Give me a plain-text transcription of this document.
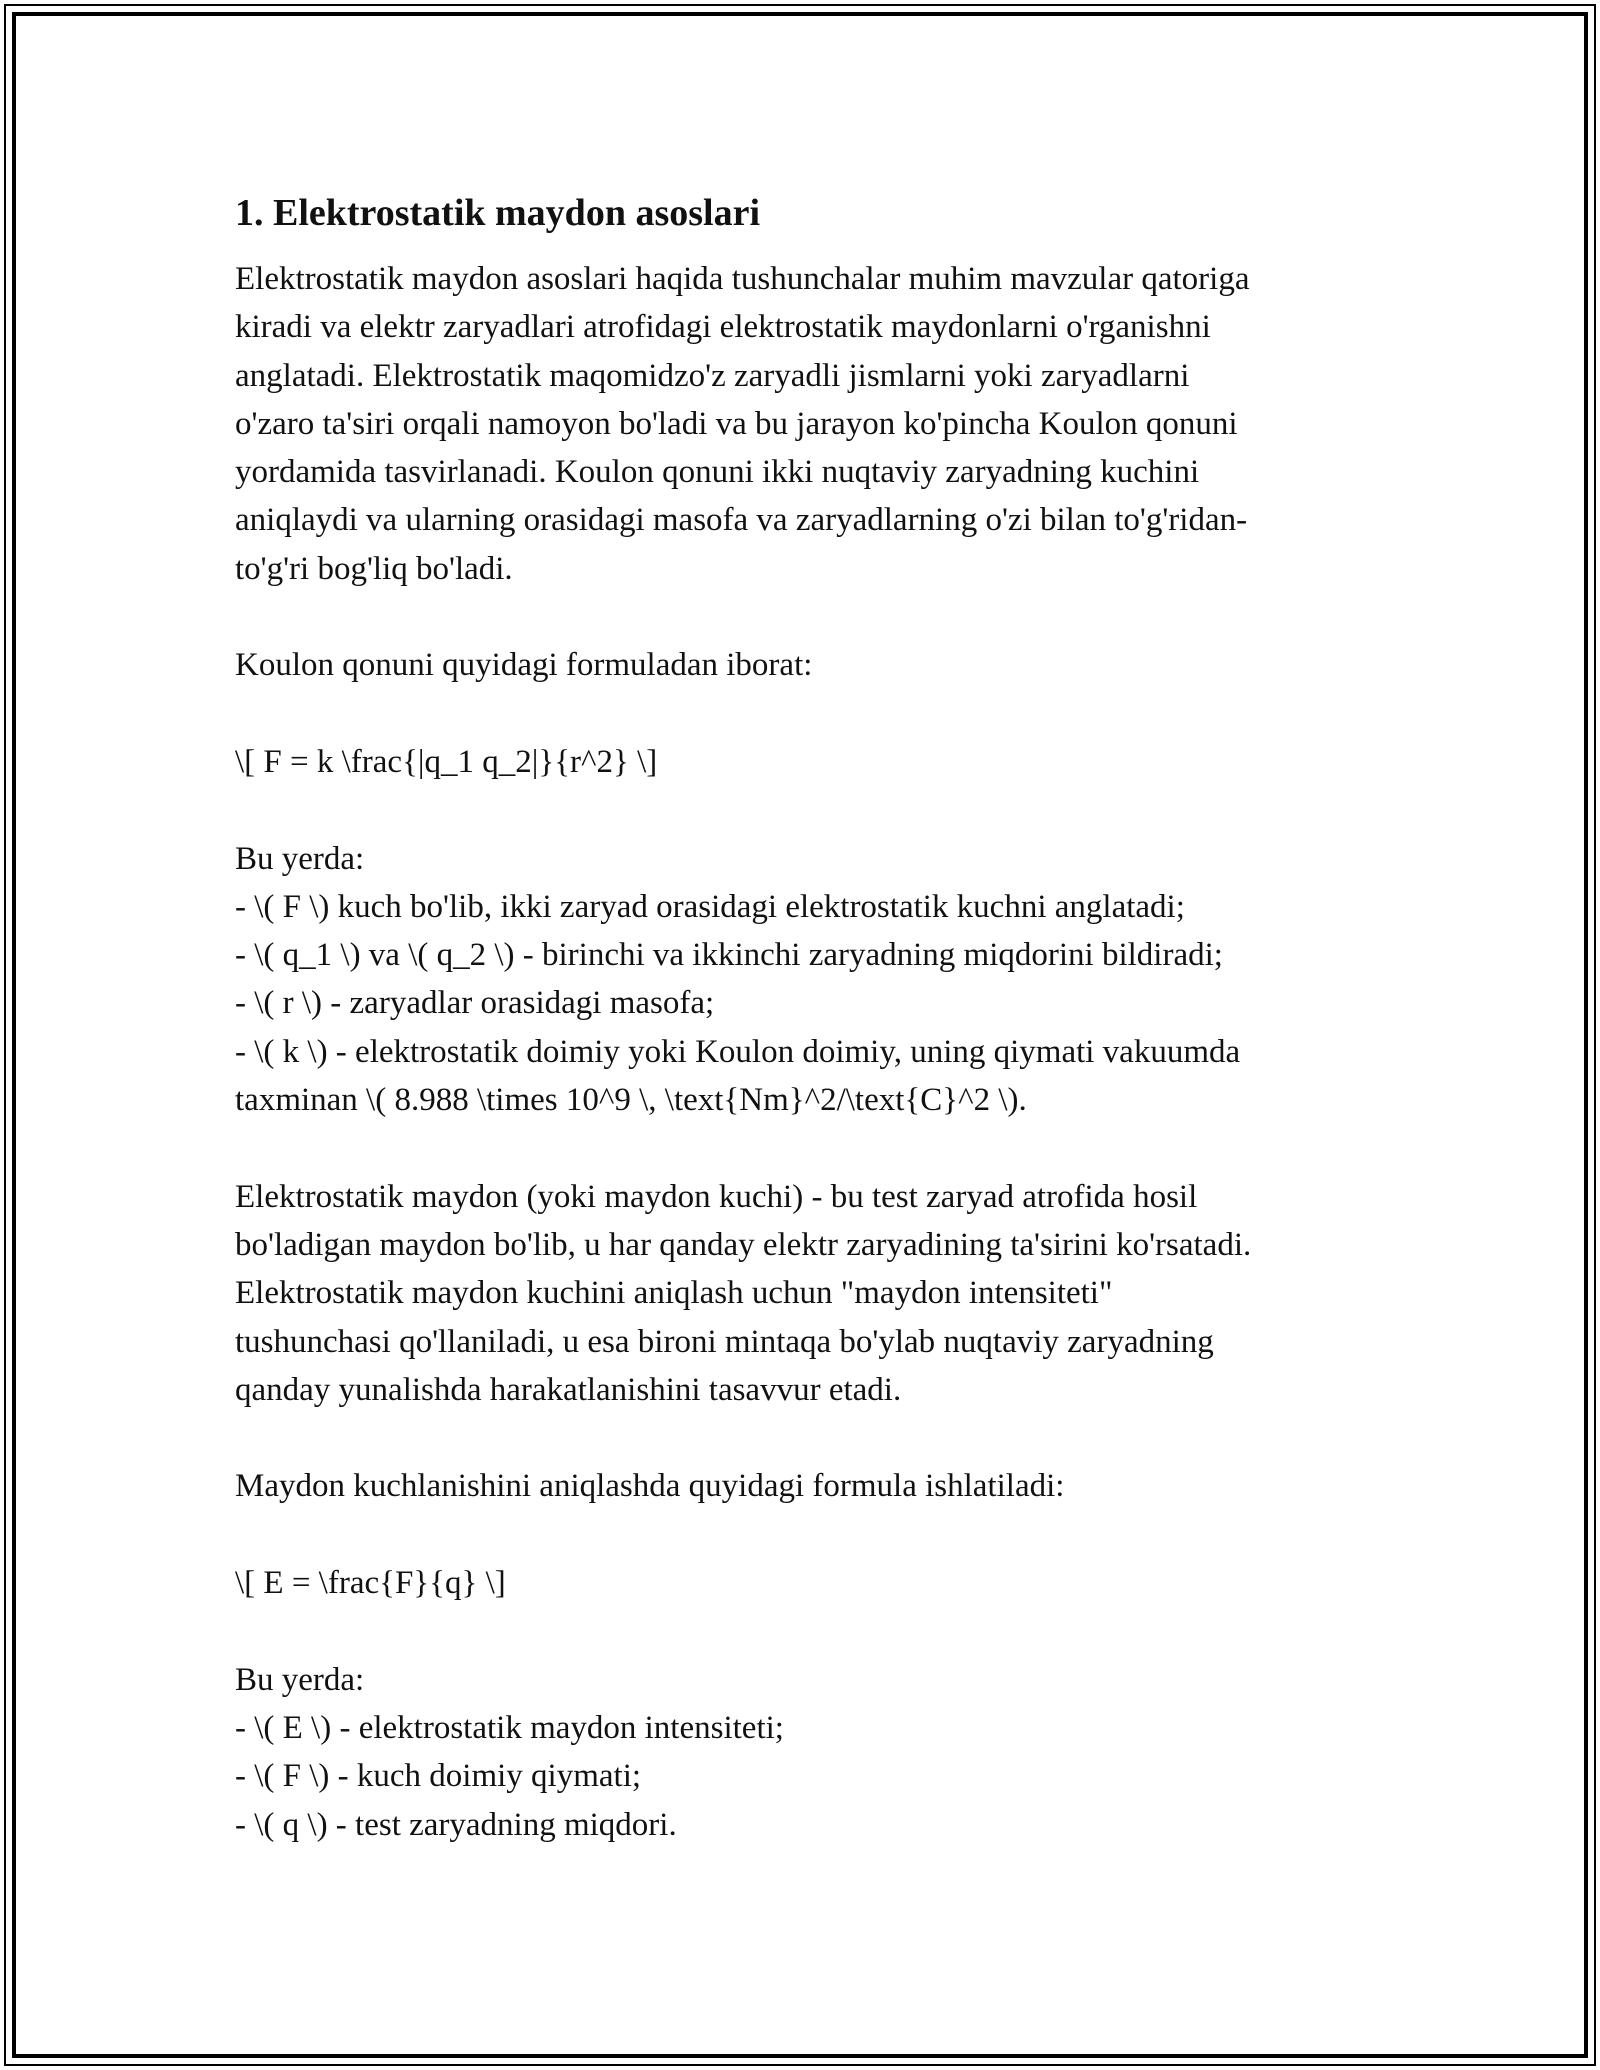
1. Elektrostatik maydon asoslari

Elektrostatik maydon asoslari haqida tushunchalar muhim mavzular qatoriga
kiradi va elektr zaryadlari atrofidagi elektrostatik maydonlarni o'rganishni
anglatadi. Elektrostatik maqomidzo'z zaryadli jismlarni yoki zaryadlarni
o'zaro ta'siri orqali namoyon bo'ladi va bu jarayon ko'pincha Koulon qonuni
yordamida tasvirlanadi. Koulon qonuni ikki nuqtaviy zaryadning kuchini
aniqlaydi va ularning orasidagi masofa va zaryadlarning o'zi bilan to'g'ridan-
to'g'ri bog'liq bo'ladi.

Koulon qonuni quyidagi formuladan iborat:

\[ F = k \frac{|q_1 q_2|}{r^2} \]

Bu yerda:
- \( F \) kuch bo'lib, ikki zaryad orasidagi elektrostatik kuchni anglatadi;
- \( q_1 \) va \( q_2 \) - birinchi va ikkinchi zaryadning miqdorini bildiradi;
- \( r \) - zaryadlar orasidagi masofa;
- \( k \) - elektrostatik doimiy yoki Koulon doimiy, uning qiymati vakuumda
taxminan \( 8.988 \times 10^9 \, \text{Nm}^2/\text{C}^2 \).

Elektrostatik maydon (yoki maydon kuchi) - bu test zaryad atrofida hosil
bo'ladigan maydon bo'lib, u har qanday elektr zaryadining ta'sirini ko'rsatadi.
Elektrostatik maydon kuchini aniqlash uchun "maydon intensiteti"
tushunchasi qo'llaniladi, u esa bironi mintaqa bo'ylab nuqtaviy zaryadning
qanday yunalishda harakatlanishini tasavvur etadi.

Maydon kuchlanishini aniqlashda quyidagi formula ishlatiladi:

\[ E = \frac{F}{q} \]

Bu yerda:
- \( E \) - elektrostatik maydon intensiteti;
- \( F \) - kuch doimiy qiymati;
- \( q \) - test zaryadning miqdori.
